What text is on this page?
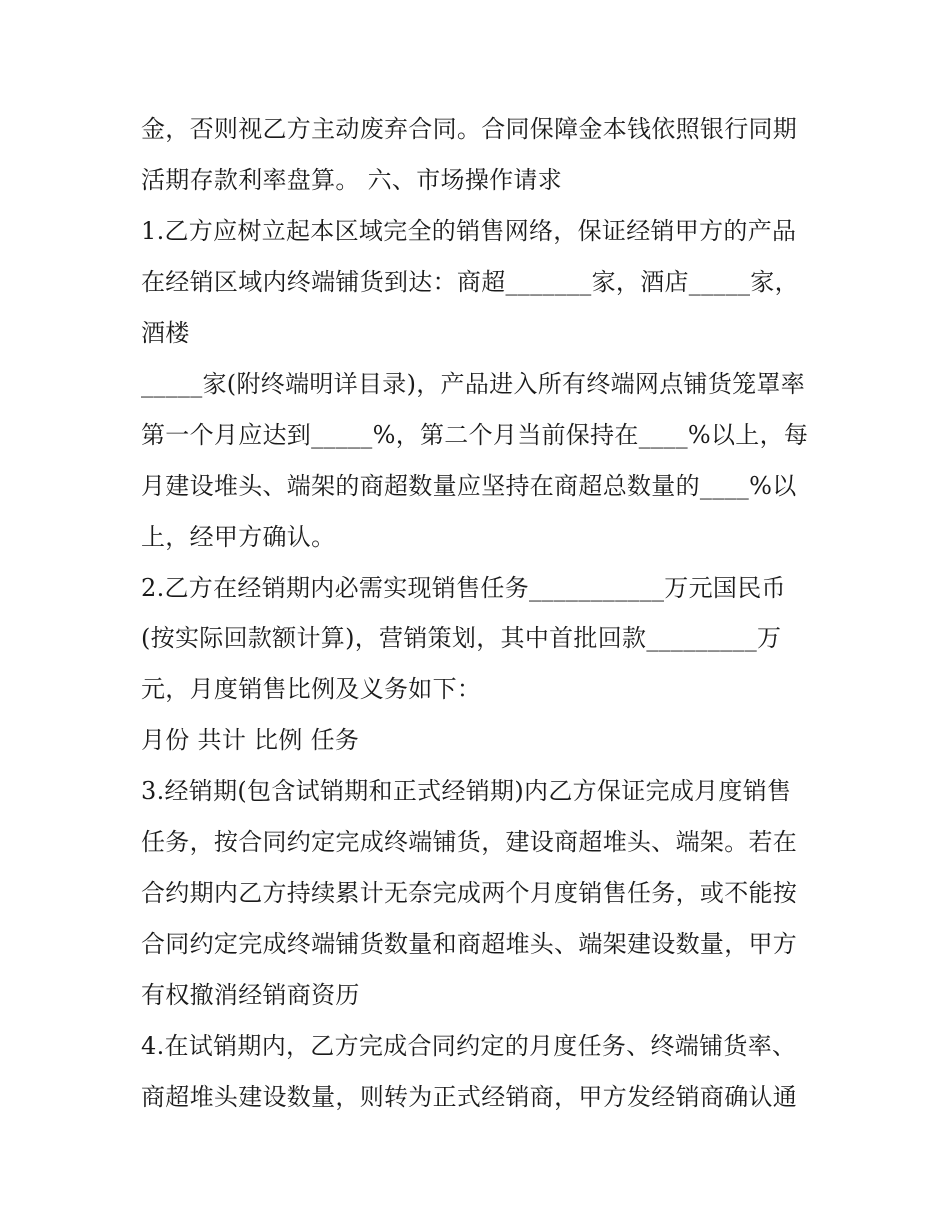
金，否则视乙方主动废弃合同。合同保障金本钱依照银行同期

活期存款利率盘算。 六、市场操作请求

1.乙方应树立起本区域完全的销售网络，保证经销甲方的产品

在经销区域内终端铺货到达：商超_______家，酒店_____家，

酒楼

_____家(附终端明详目录)，产品进入所有终端网点铺货笼罩率

第一个月应达到_____%，第二个月当前保持在____%以上，每

月建设堆头、端架的商超数量应坚持在商超总数量的____%以

上，经甲方确认。

2.乙方在经销期内必需实现销售任务___________万元国民币

(按实际回款额计算)，营销策划，其中首批回款_________万

元，月度销售比例及义务如下：

月份 共计 比例 任务

3.经销期(包含试销期和正式经销期)内乙方保证完成月度销售

任务，按合同约定完成终端铺货，建设商超堆头、端架。若在

合约期内乙方持续累计无奈完成两个月度销售任务，或不能按

合同约定完成终端铺货数量和商超堆头、端架建设数量，甲方

有权撤消经销商资历

4.在试销期内，乙方完成合同约定的月度任务、终端铺货率、

商超堆头建设数量，则转为正式经销商，甲方发经销商确认通
